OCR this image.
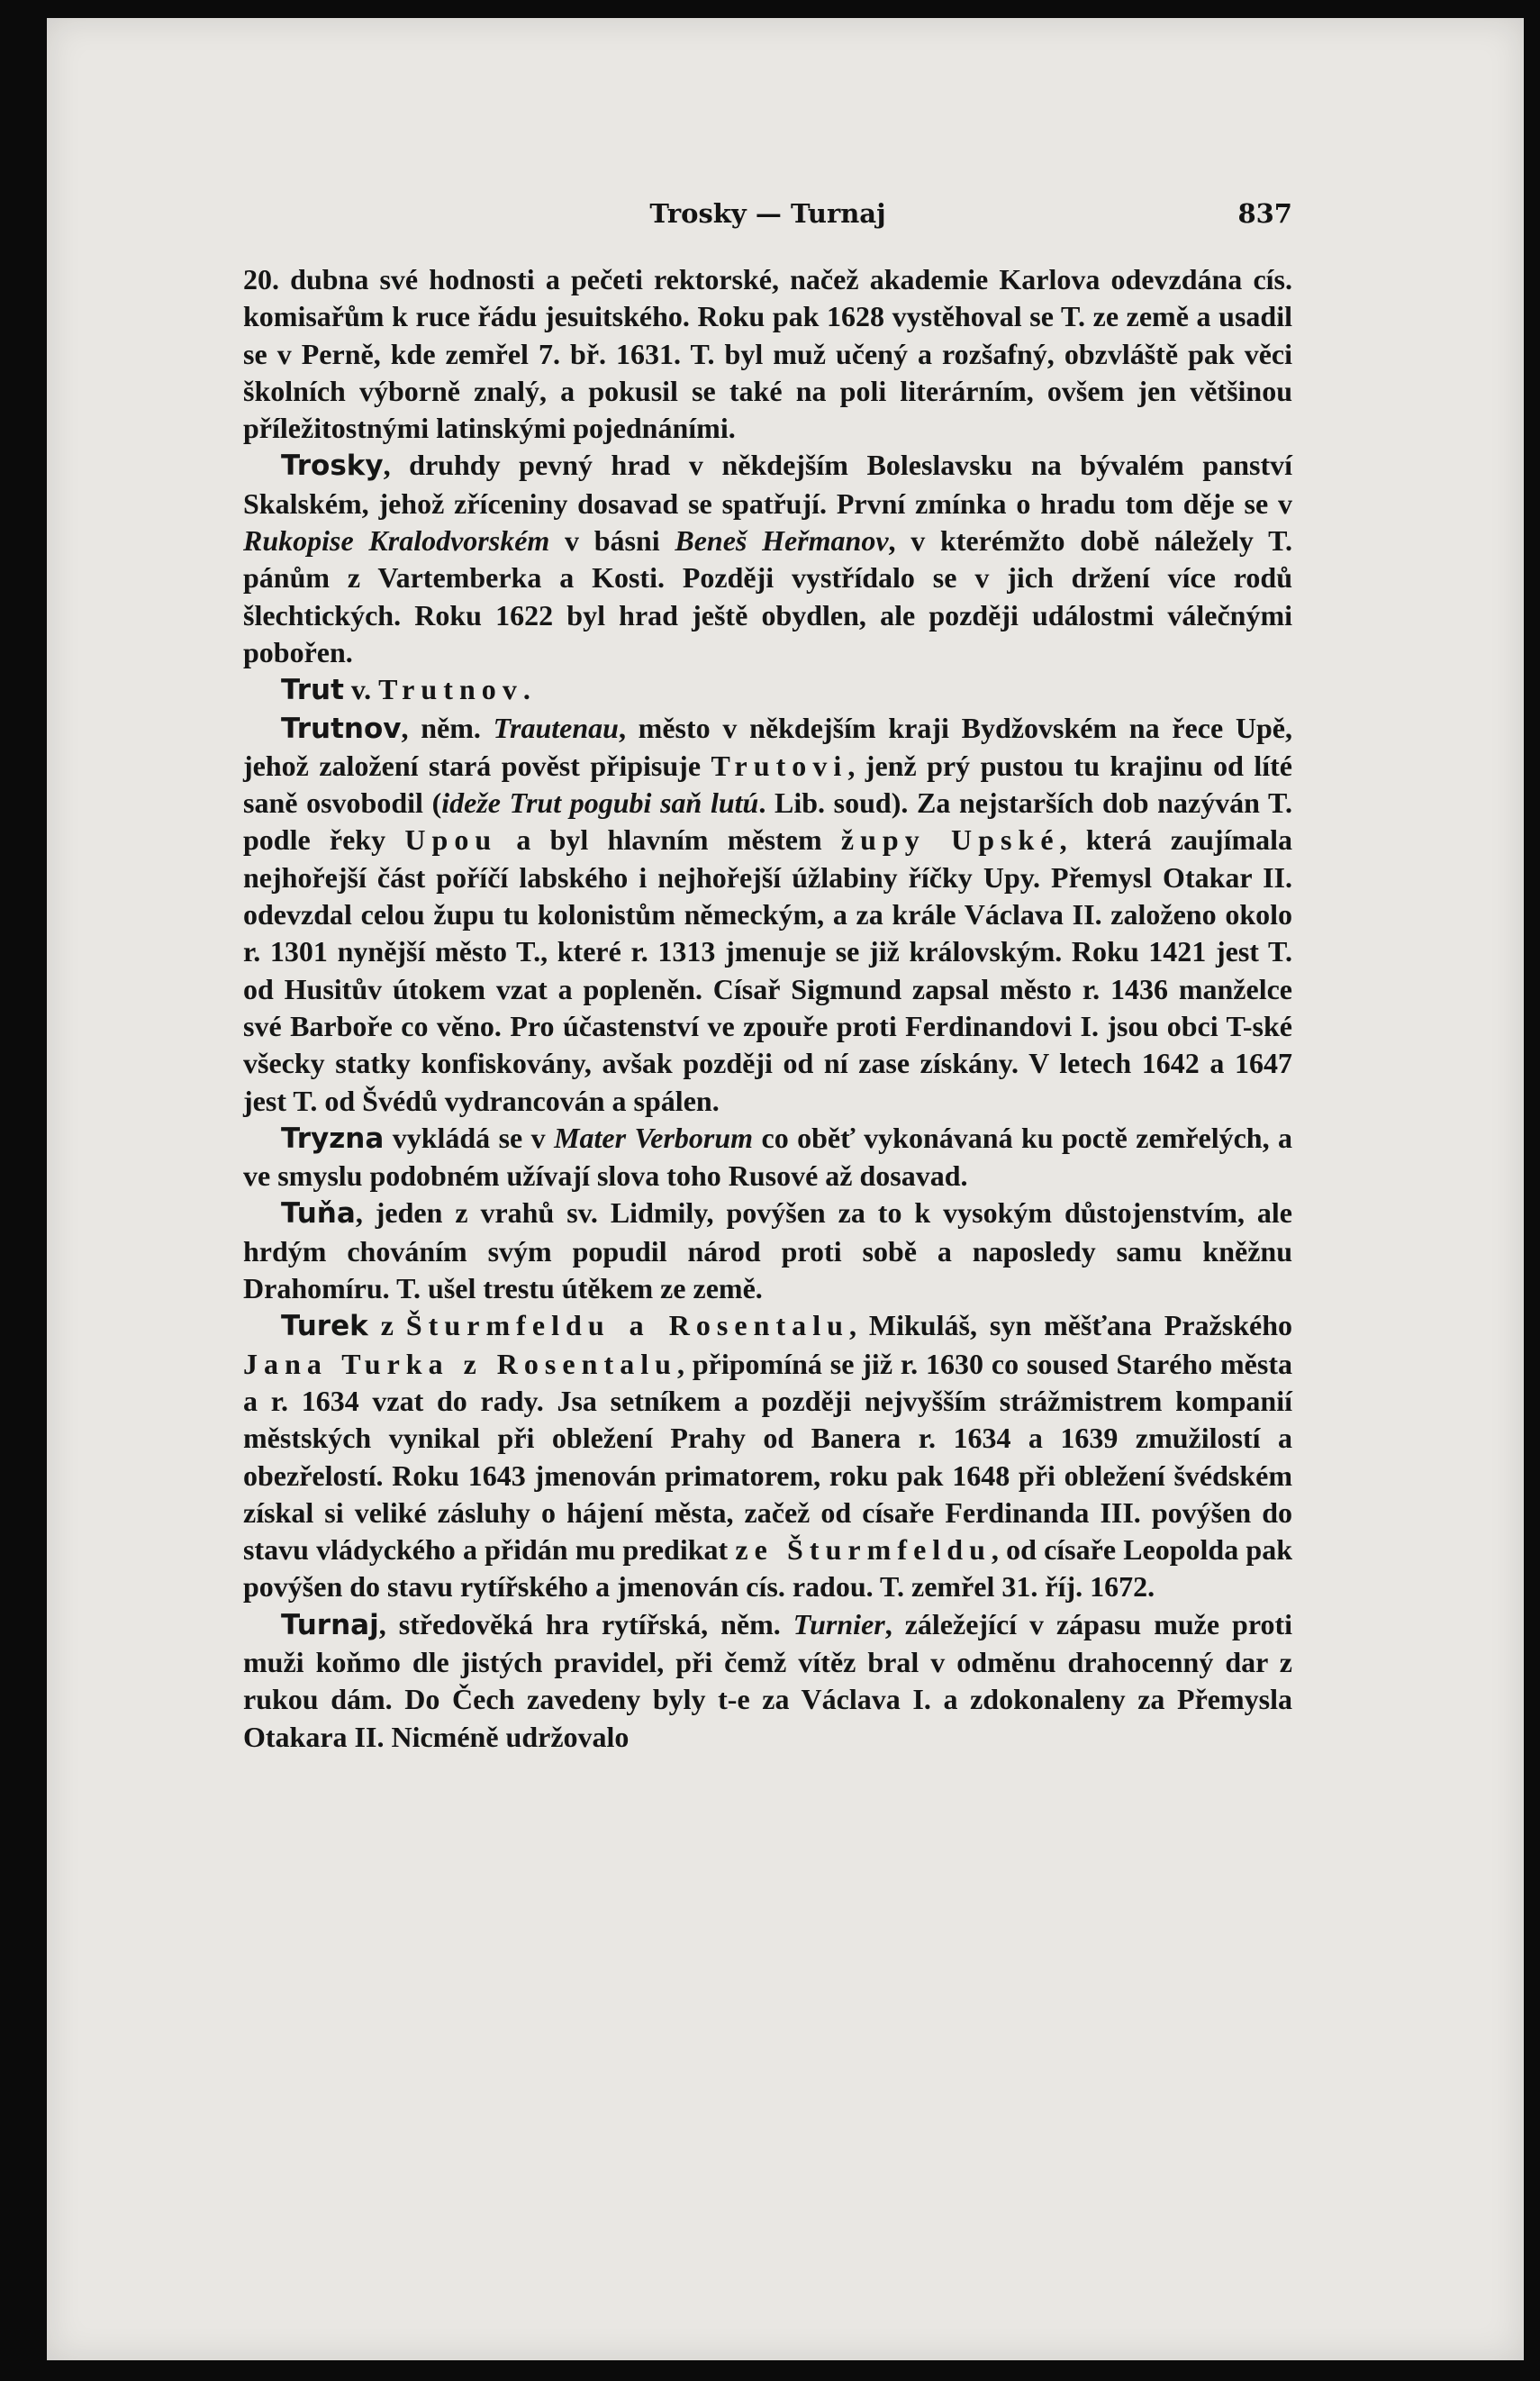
Trosky — Turnaj	837

20. dubna své hodnosti a pečeti rektorské, načež akademie Karlova odevzdána cís. komisařům k ruce řádu jesuitského. Roku pak 1628 vystěhoval se T. ze země a usadil se v Perně, kde zemřel 7. bř. 1631. T. byl muž učený a rozšafný, obzvláště pak věci školních výborně znalý, a pokusil se také na poli literárním, ovšem jen většinou příležitostnými latinskými pojednáními.

Trosky, druhdy pevný hrad v někdejším Boleslavsku na bývalém panství Skalském, jehož zříceniny dosavad se spatřují. První zmínka o hradu tom děje se v Rukopise Kralodvorském v básni Beneš Heřmanov, v kterémžto době náležely T. pánům z Vartemberka a Kosti. Později vystřídalo se v jich držení více rodů šlechtických. Roku 1622 byl hrad ještě obydlen, ale později událostmi válečnými pobořen.

Trut v. Trutnov.

Trutnov, něm. Trautenau, město v někdejším kraji Bydžovském na řece Upě, jehož založení stará pověst připisuje Trutovi, jenž prý pustou tu krajinu od líté saně osvobodil (ideže Trut pogubi saň lutú. Lib. soud). Za nejstarších dob nazýván T. podle řeky Upou a byl hlavním městem župy Upské, která zaujímala nejhořejší část poříčí labského i nejhořejší úžlabiny říčky Upy. Přemysl Otakar II. odevzdal celou župu tu kolonistům německým, a za krále Václava II. založeno okolo r. 1301 nynější město T., které r. 1313 jmenuje se již královským. Roku 1421 jest T. od Husitův útokem vzat a popleněn. Císař Sigmund zapsal město r. 1436 manželce své Barboře co věno. Pro účastenství ve zpouře proti Ferdinandovi I. jsou obci T-ské všecky statky konfiskovány, avšak později od ní zase získány. V letech 1642 a 1647 jest T. od Švédů vydrancován a spálen.

Tryzna vykládá se v Mater Verborum co oběť vykonávaná ku poctě zemřelých, a ve smyslu podobném užívají slova toho Rusové až dosavad.

Tuňa, jeden z vrahů sv. Lidmily, povýšen za to k vysokým důstojenstvím, ale hrdým chováním svým popudil národ proti sobě a naposledy samu kněžnu Drahomíru. T. ušel trestu útěkem ze země.

Turek z Šturmfeldu a Rosentalu, Mikuláš, syn měšťana Pražského Jana Turka z Rosentalu, připomíná se již r. 1630 co soused Starého města a r. 1634 vzat do rady. Jsa setníkem a později nejvyšším strážmistrem kompanií městských vynikal při obležení Prahy od Banera r. 1634 a 1639 zmužilostí a obezřelostí. Roku 1643 jmenován primatorem, roku pak 1648 při obležení švédském získal si veliké zásluhy o hájení města, začež od císaře Ferdinanda III. povýšen do stavu vládyckého a přidán mu predikat ze Šturmfeldu, od císaře Leopolda pak povýšen do stavu rytířského a jmenován cís. radou. T. zemřel 31. říj. 1672.

Turnaj, středověká hra rytířská, něm. Turnier, záležející v zápasu muže proti muži koňmo dle jistých pravidel, při čemž vítěz bral v odměnu drahocenný dar z rukou dám. Do Čech zavedeny byly t-e za Václava I. a zdokonaleny za Přemysla Otakara II. Nicméně udržovalo
